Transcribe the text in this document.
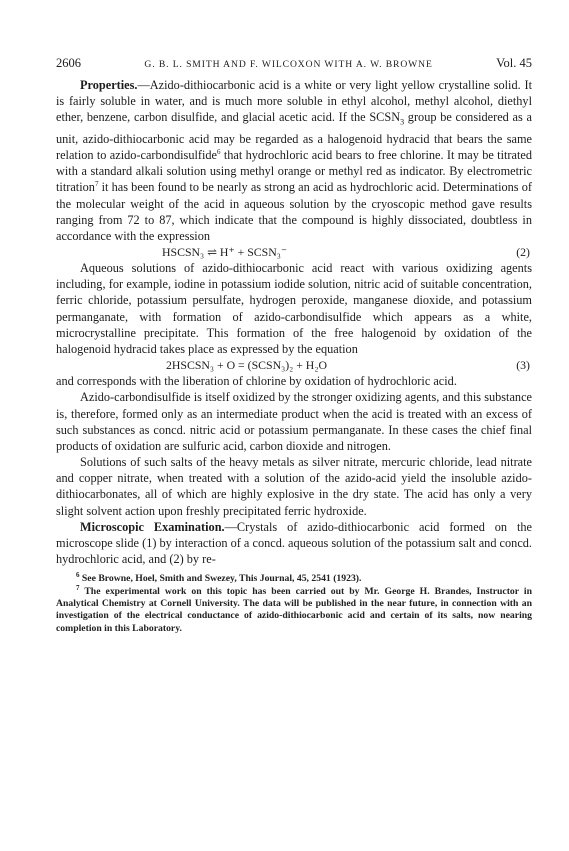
2606	G. B. L. SMITH AND F. WILCOXON WITH A. W. BROWNE	Vol. 45

Properties.—Azido-dithiocarbonic acid is a white or very light yellow crystalline solid. It is fairly soluble in water, and is much more soluble in ethyl alcohol, methyl alcohol, diethyl ether, benzene, carbon disulfide, and glacial acetic acid. If the $SCSN_3$ group be considered as a unit, azido-dithiocarbonic acid may be regarded as a halogenoid hydracid that bears the same relation to azido-carbondisulfide$^6$ that hydrochloric acid bears to free chlorine. It may be titrated with a standard alkali solution using methyl orange or methyl red as indicator. By electrometric titration$^7$ it has been found to be nearly as strong an acid as hydrochloric acid. Determinations of the molecular weight of the acid in aqueous solution by the cryoscopic method gave results ranging from 72 to 87, which indicate that the compound is highly dissociated, doubtless in accordance with the expression

HSCSN₃ ⇌ H⁺ + SCSN₃⁻	(2)

Aqueous solutions of azido-dithiocarbonic acid react with various oxidizing agents including, for example, iodine in potassium iodide solution, nitric acid of suitable concentration, ferric chloride, potassium persulfate, hydrogen peroxide, manganese dioxide, and potassium permanganate, with formation of azido-carbondisulfide which appears as a white, microcrystalline precipitate. This formation of the free halogenoid by oxidation of the halogenoid hydracid takes place as expressed by the equation

2HSCSN₃ + O = (SCSN₃)₂ + H₂O	(3)

and corresponds with the liberation of chlorine by oxidation of hydrochloric acid.

Azido-carbondisulfide is itself oxidized by the stronger oxidizing agents, and this substance is, therefore, formed only as an intermediate product when the acid is treated with an excess of such substances as concd. nitric acid or potassium permanganate. In these cases the chief final products of oxidation are sulfuric acid, carbon dioxide and nitrogen.

Solutions of such salts of the heavy metals as silver nitrate, mercuric chloride, lead nitrate and copper nitrate, when treated with a solution of the azido-acid yield the insoluble azido-dithiocarbonates, all of which are highly explosive in the dry state. The acid has only a very slight solvent action upon freshly precipitated ferric hydroxide.

Microscopic Examination.—Crystals of azido-dithiocarbonic acid formed on the microscope slide (1) by interaction of a concd. aqueous solution of the potassium salt and concd. hydrochloric acid, and (2) by re-

$^6$ See Browne, Hoel, Smith and Swezey, This Journal, 45, 2541 (1923).

$^7$ The experimental work on this topic has been carried out by Mr. George H. Brandes, Instructor in Analytical Chemistry at Cornell University. The data will be published in the near future, in connection with an investigation of the electrical conductance of azido-dithiocarbonic acid and certain of its salts, now nearing completion in this Laboratory.
